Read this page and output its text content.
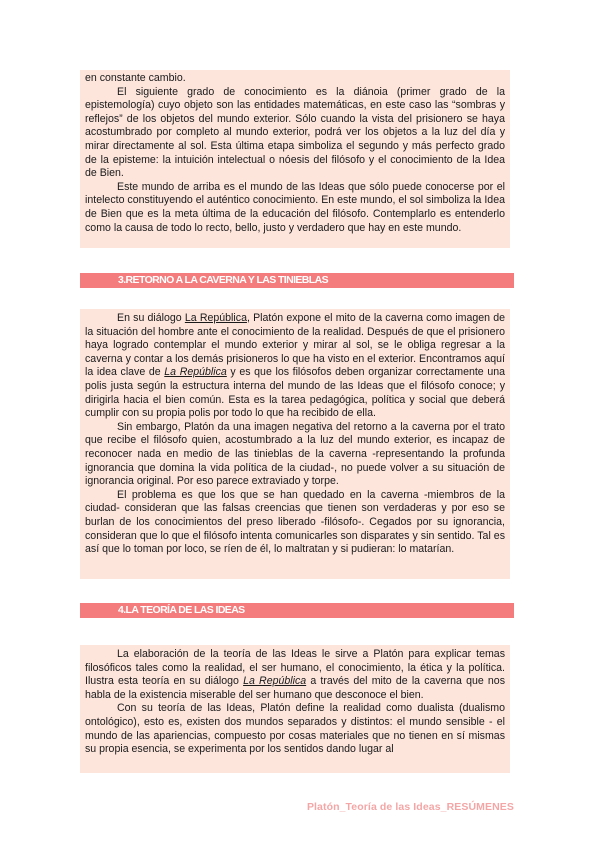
en constante cambio.

El siguiente grado de conocimiento es la diánoia (primer grado de la epistemología) cuyo objeto son las entidades matemáticas, en este caso las “sombras y reflejos” de los objetos del mundo exterior. Sólo cuando la vista del prisionero se haya acostumbrado por completo al mundo exterior, podrá ver los objetos a la luz del día y mirar directamente al sol. Esta última etapa simboliza el segundo y más perfecto grado de la episteme: la intuición intelectual o nóesis del filósofo y el conocimiento de la Idea de Bien.

Este mundo de arriba es el mundo de las Ideas que sólo puede conocerse por el intelecto constituyendo el auténtico conocimiento. En este mundo, el sol simboliza la Idea de Bien que es la meta última de la educación del filósofo. Contemplarlo es entenderlo como la causa de todo lo recto, bello, justo y verdadero que hay en este mundo.

3.RETORNO A LA CAVERNA Y LAS TINIEBLAS

En su diálogo La República, Platón expone el mito de la caverna como imagen de la situación del hombre ante el conocimiento de la realidad. Después de que el prisionero haya logrado contemplar el mundo exterior y mirar al sol, se le obliga regresar a la caverna y contar a los demás prisioneros lo que ha visto en el exterior. Encontramos aquí la idea clave de La República y es que los filósofos deben organizar correctamente una polis justa según la estructura interna del mundo de las Ideas que el filósofo conoce; y dirigirla hacia el bien común. Esta es la tarea pedagógica, política y social que deberá cumplir con su propia polis por todo lo que ha recibido de ella.

Sin embargo, Platón da una imagen negativa del retorno a la caverna por el trato que recibe el filósofo quien, acostumbrado a la luz del mundo exterior, es incapaz de reconocer nada en medio de las tinieblas de la caverna -representando la profunda ignorancia que domina la vida política de la ciudad-, no puede volver a su situación de ignorancia original. Por eso parece extraviado y torpe.

El problema es que los que se han quedado en la caverna -miembros de la ciudad- consideran que las falsas creencias que tienen son verdaderas y por eso se burlan de los conocimientos del preso liberado -filósofo-. Cegados por su ignorancia, consideran que lo que el filósofo intenta comunicarles son disparates y sin sentido. Tal es así que lo toman por loco, se ríen de él, lo maltratan y si pudieran: lo matarían.

4.LA TEORÍA DE LAS IDEAS

La elaboración de la teoría de las Ideas le sirve a Platón para explicar temas filosóficos tales como la realidad, el ser humano, el conocimiento, la ética y la política. Ilustra esta teoría en su diálogo La República a través del mito de la caverna que nos habla de la existencia miserable del ser humano que desconoce el bien.

Con su teoría de las Ideas, Platón define la realidad como dualista (dualismo ontológico), esto es, existen dos mundos separados y distintos: el mundo sensible - el mundo de las apariencias, compuesto por cosas materiales que no tienen en sí mismas su propia esencia, se experimenta por los sentidos dando lugar al

Platón_Teoría de las Ideas_RESÚMENES
